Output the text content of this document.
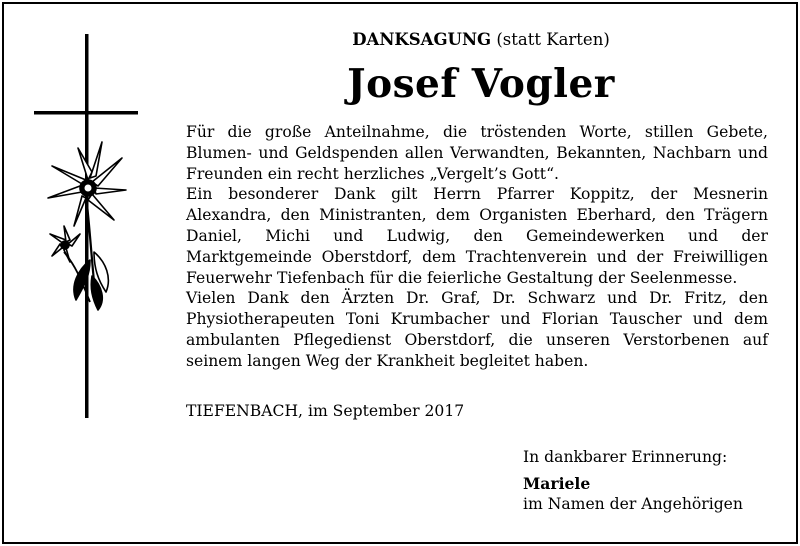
DANKSAGUNG (statt Karten)
Josef Vogler

Für die große Anteilnahme, die tröstenden Worte, stillen Gebete, Blumen- und Geldspenden allen Verwandten, Bekannten, Nachbarn und Freunden ein recht herzliches „Vergelt’s Gott“.

Ein besonderer Dank gilt Herrn Pfarrer Koppitz, der Mesnerin Alexandra, den Ministranten, dem Organisten Eberhard, den Trägern Daniel, Michi und Ludwig, den Gemeindewerken und der Marktgemeinde Oberstdorf, dem Trachtenverein und der Freiwilligen Feuerwehr Tiefenbach für die feierliche Gestaltung der Seelenmesse.

Vielen Dank den Ärzten Dr. Graf, Dr. Schwarz und Dr. Fritz, den Physiotherapeuten Toni Krumbacher und Florian Tauscher und dem ambulanten Pflegedienst Oberstdorf, die unseren Verstorbenen auf seinem langen Weg der Krankheit begleitet haben.

TIEFENBACH, im September 2017
In dankbarer Erinnerung:
Mariele
im Namen der Angehörigen
